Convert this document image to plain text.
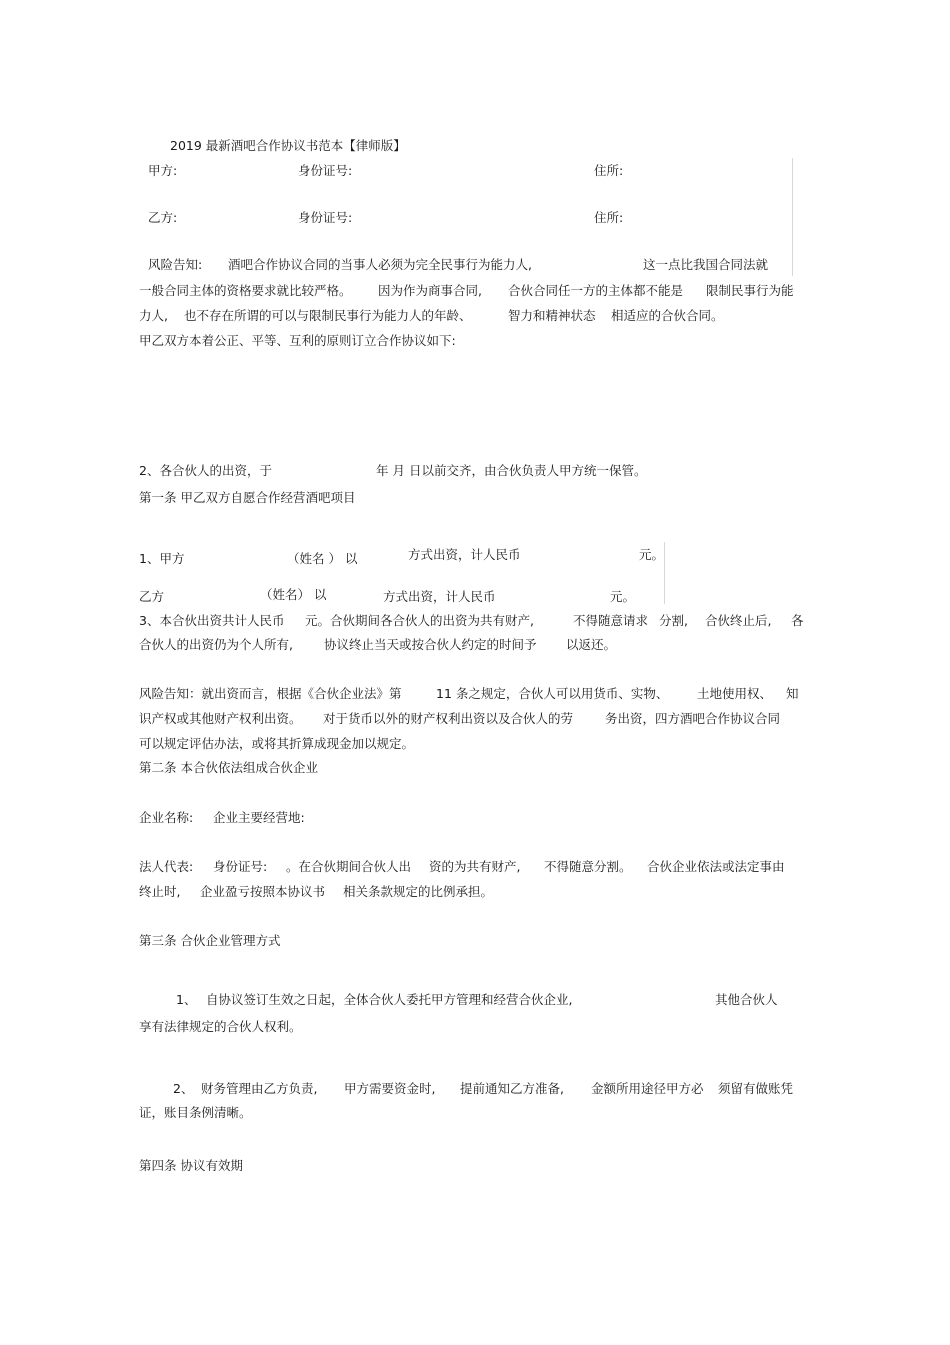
2019 最新酒吧合作协议书范本【律师版】
甲方:	身份证号:	住所:
乙方:	身份证号:	住所:
风险告知: 酒吧合作协议合同的当事人必须为完全民事行为能力人,	这一点比我国合同法就
一般合同主体的资格要求就比较严格。 因为作为商事合同, 合伙合同任一方的主体都不能是 限制民事行为能
力人, 也不存在所谓的可以与限制民事行为能力人的年龄、	智力和精神状态 相适应的合伙合同。
甲乙双方本着公正、平等、互利的原则订立合作协议如下:
2、各合伙人的出资，于	年 月 日以前交齐，由合伙负责人甲方统一保管。
第一条 甲乙双方自愿合作经营酒吧项目
1、甲方	（姓名 ） 以	方式出资，计人民币	元。
乙方	（姓名） 以	方式出资，计人民币	元。
3、本合伙出资共计人民币 元。合伙期间各合伙人的出资为共有财产,	不得随意请求 分割, 合伙终止后, 各
合伙人的出资仍为个人所有, 协议终止当天或按合伙人约定的时间予 以返还。
风险告知：就出资而言，根据《合伙企业法》第	11 条之规定，合伙人可以用货币、实物、 土地使用权、 知
识产权或其他财产权利出资。 对于货币以外的财产权利出资以及合伙人的劳	务出资，四方酒吧合作协议合同
可以规定评估办法，或将其折算成现金加以规定。
第二条 本合伙依法组成合伙企业
企业名称: 企业主要经营地:
法人代表: 身份证号: 。在合伙期间合伙人出 资的为共有财产, 不得随意分割。 合伙企业依法或法定事由
终止时, 企业盈亏按照本协议书 相关条款规定的比例承担。
第三条 合伙企业管理方式
1、 自协议签订生效之日起，全体合伙人委托甲方管理和经营合伙企业,	其他合伙人
享有法律规定的合伙人权利。
2、 财务管理由乙方负责, 甲方需要资金时, 提前通知乙方准备, 金额所用途径甲方必 须留有做账凭
证，账目条例清晰。
第四条 协议有效期
